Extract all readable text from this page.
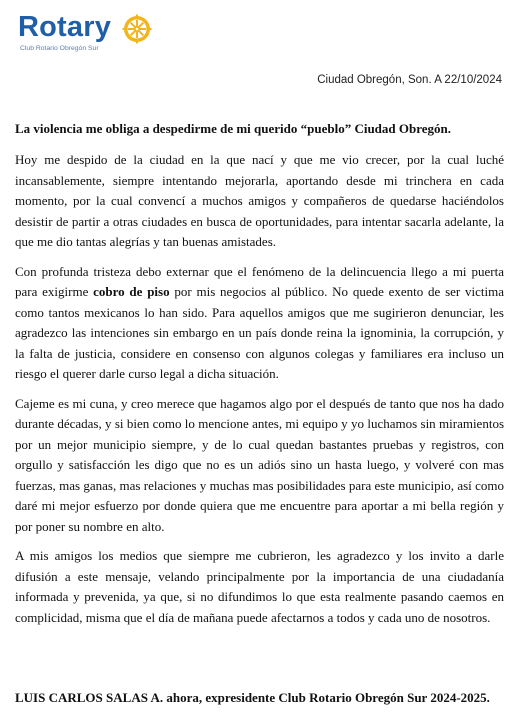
Rotary
Club Rotario Obregón Sur
Ciudad Obregón, Son. A 22/10/2024

La violencia me obliga a despedirme de mi querido “pueblo” Ciudad Obregón.

Hoy me despido de la ciudad en la que nací y que me vio crecer, por la cual luché incansablemente, siempre intentando mejorarla, aportando desde mi trinchera en cada momento, por la cual convencí a muchos amigos y compañeros de quedarse haciéndolos desistir de partir a otras ciudades en busca de oportunidades, para intentar sacarla adelante, la que me dio tantas alegrías y tan buenas amistades.

Con profunda tristeza debo externar que el fenómeno de la delincuencia llego a mi puerta para exigirme cobro de piso por mis negocios al público. No quede exento de ser victima como tantos mexicanos lo han sido. Para aquellos amigos que me sugirieron denunciar, les agradezco las intenciones sin embargo en un país donde reina la ignominia, la corrupción, y la falta de justicia, considere en consenso con algunos colegas y familiares era incluso un riesgo el querer darle curso legal a dicha situación.

Cajeme es mi cuna, y creo merece que hagamos algo por el después de tanto que nos ha dado durante décadas, y si bien como lo mencione antes, mi equipo y yo luchamos sin miramientos por un mejor municipio siempre, y de lo cual quedan bastantes pruebas y registros, con orgullo y satisfacción les digo que no es un adiós sino un hasta luego, y volveré con mas fuerzas, mas ganas, mas relaciones y muchas mas posibilidades para este municipio, así como daré mi mejor esfuerzo por donde quiera que me encuentre para aportar a mi bella región y por poner su nombre en alto.

A mis amigos los medios que siempre me cubrieron, les agradezco y los invito a darle difusión a este mensaje, velando principalmente por la importancia de una ciudadanía informada y prevenida, ya que, si no difundimos lo que esta realmente pasando caemos en complicidad, misma que el día de mañana puede afectarnos a todos y cada uno de nosotros.

LUIS CARLOS SALAS A. ahora, expresidente Club Rotario Obregón Sur 2024-2025.
